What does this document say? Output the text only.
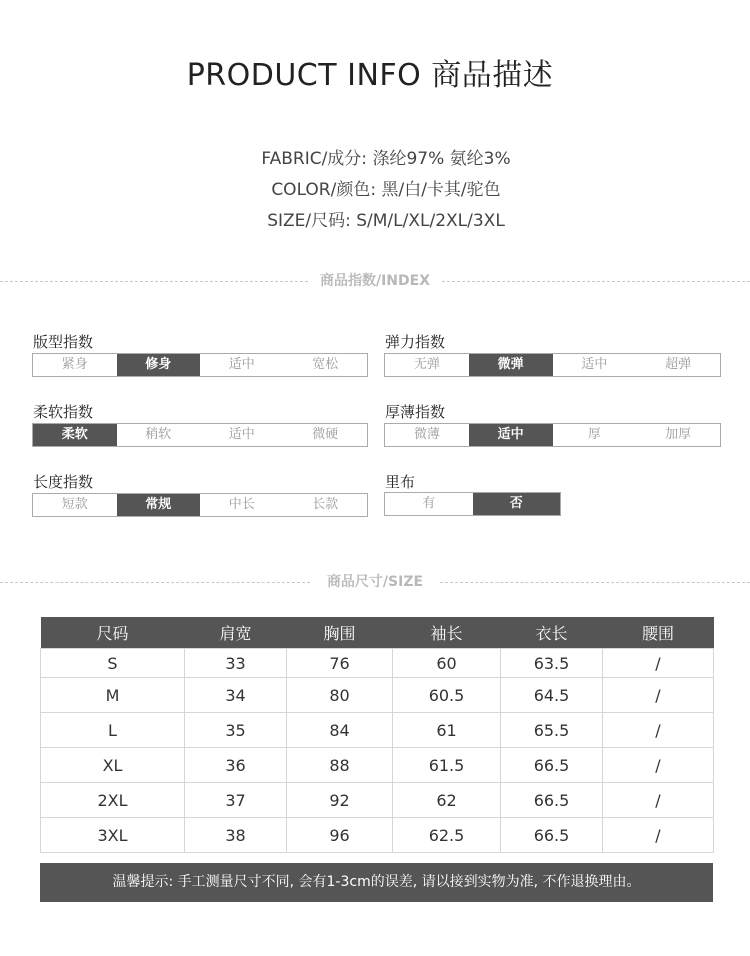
PRODUCT INFO 商品描述
FABRIC/成分: 涤纶97% 氨纶3%
COLOR/颜色: 黑/白/卡其/驼色
SIZE/尺码: S/M/L/XL/2XL/3XL
商品指数/INDEX
版型指数
紧身	修身	适中	宽松
弹力指数
无弹	微弹	适中	超弹
柔软指数
柔软	稍软	适中	微硬
厚薄指数
微薄	适中	厚	加厚
长度指数
短款	常规	中长	长款
里布
有	否
商品尺寸/SIZE
尺码	肩宽	胸围	袖长	衣长	腰围
S	33	76	60	63.5	/
M	34	80	60.5	64.5	/
L	35	84	61	65.5	/
XL	36	88	61.5	66.5	/
2XL	37	92	62	66.5	/
3XL	38	96	62.5	66.5	/
温馨提示: 手工测量尺寸不同, 会有1-3cm的误差, 请以接到实物为准, 不作退换理由。
